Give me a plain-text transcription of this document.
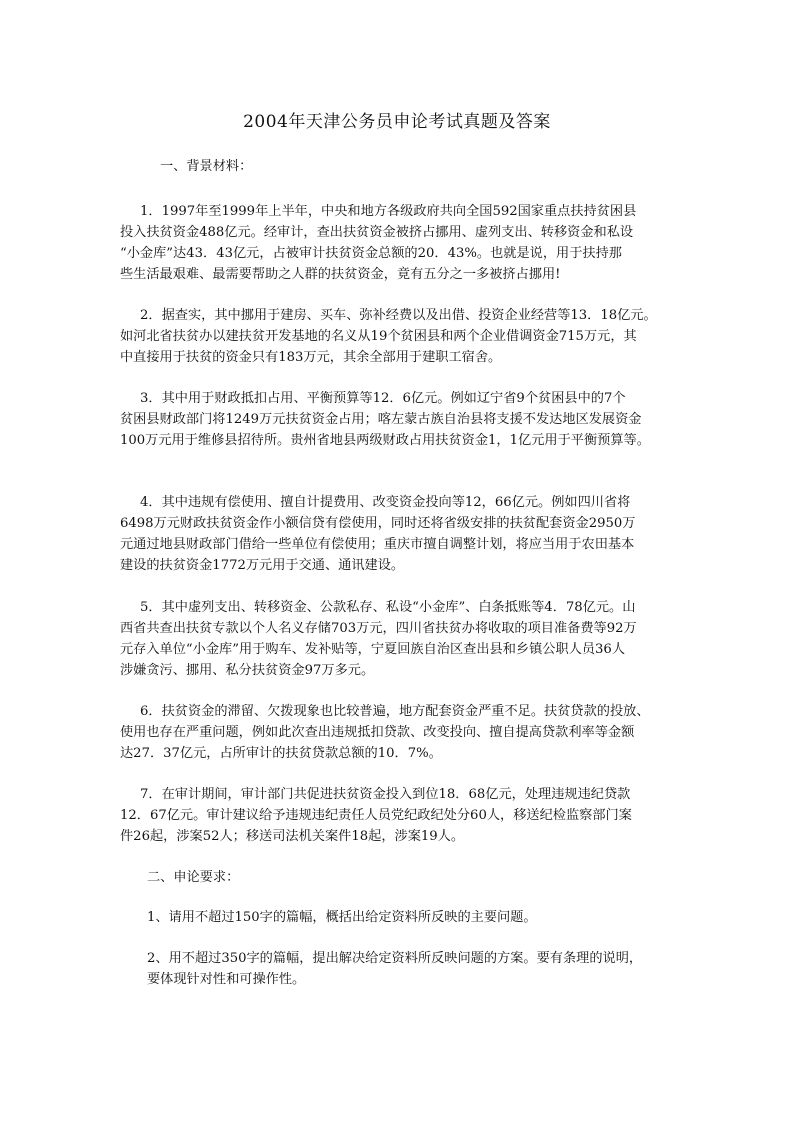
2004年天津公务员申论考试真题及答案
一、背景材料：
1．1997年至1999年上半年，中央和地方各级政府共向全国592国家重点扶持贫困县
投入扶贫资金488亿元。经审计，查出扶贫资金被挤占挪用、虚列支出、转移资金和私设
“小金库”达43．43亿元，占被审计扶贫资金总额的20．43%。也就是说，用于扶持那
些生活最艰难、最需要帮助之人群的扶贫资金，竟有五分之一多被挤占挪用!
2．据查实，其中挪用于建房、买车、弥补经费以及出借、投资企业经营等13．18亿元。
如河北省扶贫办以建扶贫开发基地的名义从19个贫困县和两个企业借调资金715万元，其
中直接用于扶贫的资金只有183万元，其余全部用于建职工宿舍。
3．其中用于财政抵扣占用、平衡预算等12．6亿元。例如辽宁省9个贫困县中的7个
贫困县财政部门将1249万元扶贫资金占用；喀左蒙古族自治县将支援不发达地区发展资金
100万元用于维修县招待所。贵州省地县两级财政占用扶贫资金1，1亿元用于平衡预算等。
4．其中违规有偿使用、擅自计提费用、改变资金投向等12，66亿元。例如四川省将
6498万元财政扶贫资金作小额信贷有偿使用，同时还将省级安排的扶贫配套资金2950万
元通过地县财政部门借给一些单位有偿使用；重庆市擅自调整计划，将应当用于农田基本
建设的扶贫资金1772万元用于交通、通讯建设。
5．其中虚列支出、转移资金、公款私存、私设“小金库”、白条抵账等4．78亿元。山
西省共查出扶贫专款以个人名义存储703万元，四川省扶贫办将收取的项目准备费等92万
元存入单位“小金库”用于购车、发补贴等，宁夏回族自治区查出县和乡镇公职人员36人
涉嫌贪污、挪用、私分扶贫资金97万多元。
6．扶贫资金的滞留、欠拨现象也比较普遍，地方配套资金严重不足。扶贫贷款的投放、
使用也存在严重问题，例如此次查出违规抵扣贷款、改变投向、擅自提高贷款利率等金额
达27．37亿元，占所审计的扶贫贷款总额的10．7%。
7．在审计期间，审计部门共促进扶贫资金投入到位18．68亿元，处理违规违纪贷款
12．67亿元。审计建议给予违规违纪责任人员党纪政纪处分60人，移送纪检监察部门案
件26起，涉案52人；移送司法机关案件18起，涉案19人。
二、申论要求：
1、请用不超过150字的篇幅，概括出给定资料所反映的主要问题。
2、用不超过350字的篇幅，提出解决给定资料所反映问题的方案。要有条理的说明，
要体现针对性和可操作性。
